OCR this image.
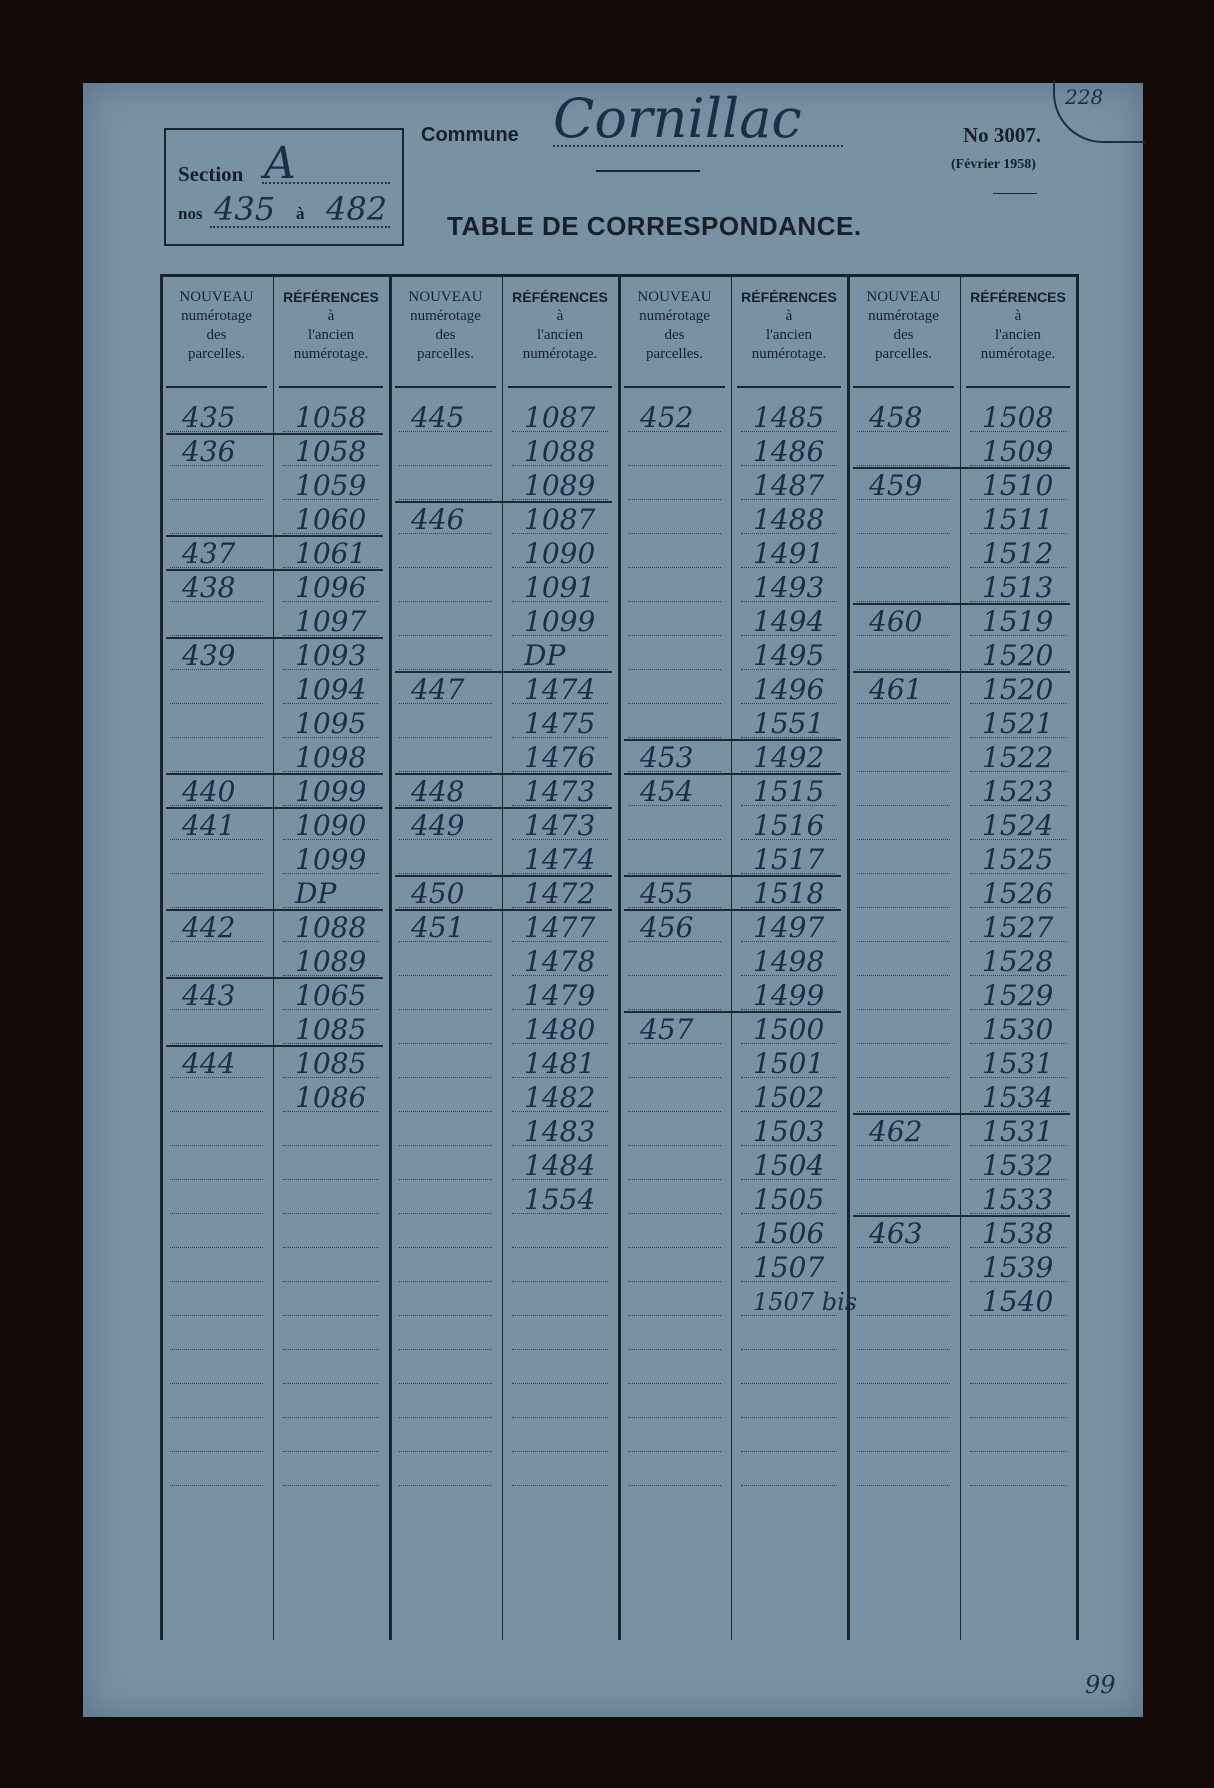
Section A
nos 435 à 482
Commune Cornillac	No 3007.
(Février 1958)
228
TABLE DE CORRESPONDANCE.
NOUVEAU
numérotage
des
parcelles.
RÉFÉRENCES
à
l'ancien
numérotage.
435 1058
436 1058
1059
1060
437 1061
438 1096
1097
439 1093
1094
1095
1098
440 1099
441 1090
1099
DP
442 1088
1089
443 1065
1085
444 1085
1086
NOUVEAU
numérotage
des
parcelles.
RÉFÉRENCES
à
l'ancien
numérotage.
445 1087
1088
1089
446 1087
1090
1091
1099
DP
447 1474
1475
1476
448 1473
449 1473
1474
450 1472
451 1477
1478
1479
1480
1481
1482
1483
1484
1554
NOUVEAU
numérotage
des
parcelles.
RÉFÉRENCES
à
l'ancien
numérotage.
452 1485
1486
1487
1488
1491
1493
1494
1495
1496
1551
453 1492
454 1515
1516
1517
455 1518
456 1497
1498
1499
457 1500
1501
1502
1503
1504
1505
1506
1507
1507 bis
NOUVEAU
numérotage
des
parcelles.
RÉFÉRENCES
à
l'ancien
numérotage.
458 1508
1509
459 1510
1511
1512
1513
460 1519
1520
461 1520
1521
1522
1523
1524
1525
1526
1527
1528
1529
1530
1531
1534
462 1531
1532
1533
463 1538
1539
1540
99
